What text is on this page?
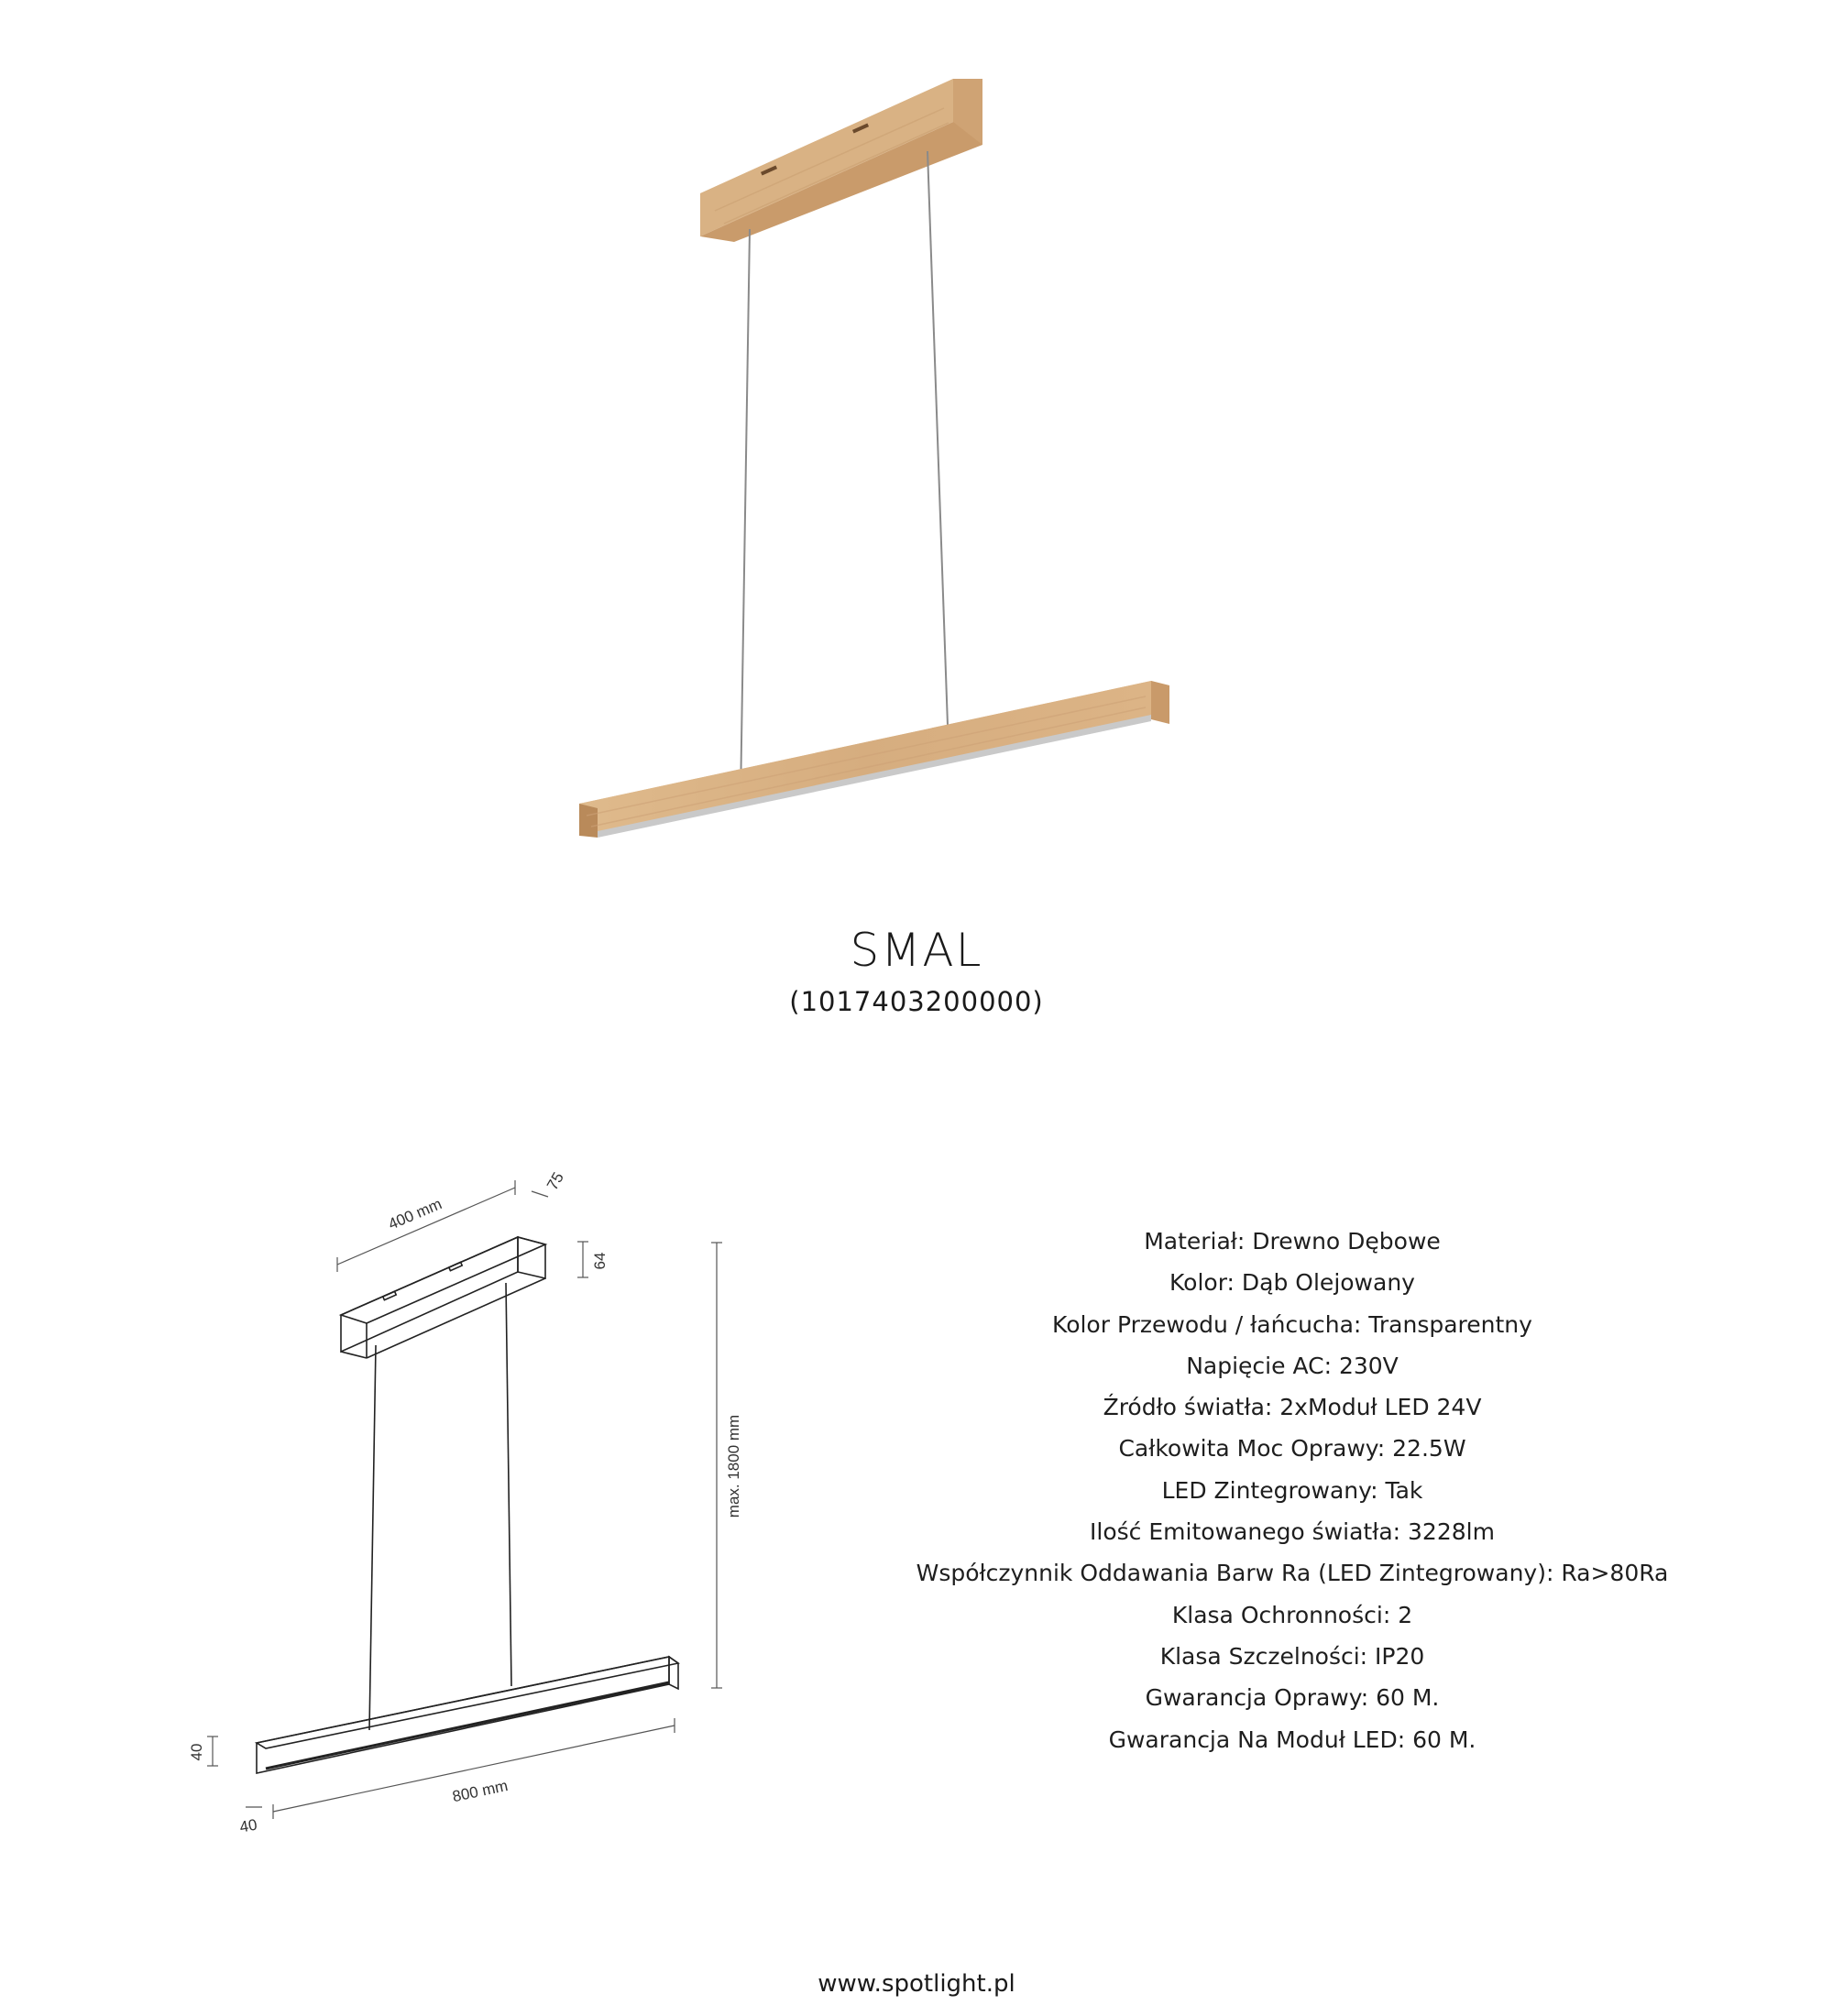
SMAL
(1017403200000)
400 mm
75
64
max. 1800 mm
40
800 mm
40
Materiał: Drewno Dębowe
Kolor: Dąb Olejowany
Kolor Przewodu / łańcucha: Transparentny
Napięcie AC: 230V
Źródło światła: 2xModuł LED 24V
Całkowita Moc Oprawy: 22.5W
LED Zintegrowany: Tak
Ilość Emitowanego światła: 3228lm
Współczynnik Oddawania Barw Ra (LED Zintegrowany): Ra>80Ra
Klasa Ochronności: 2
Klasa Szczelności: IP20
Gwarancja Oprawy: 60 M.
Gwarancja Na Moduł LED: 60 M.
www.spotlight.pl
